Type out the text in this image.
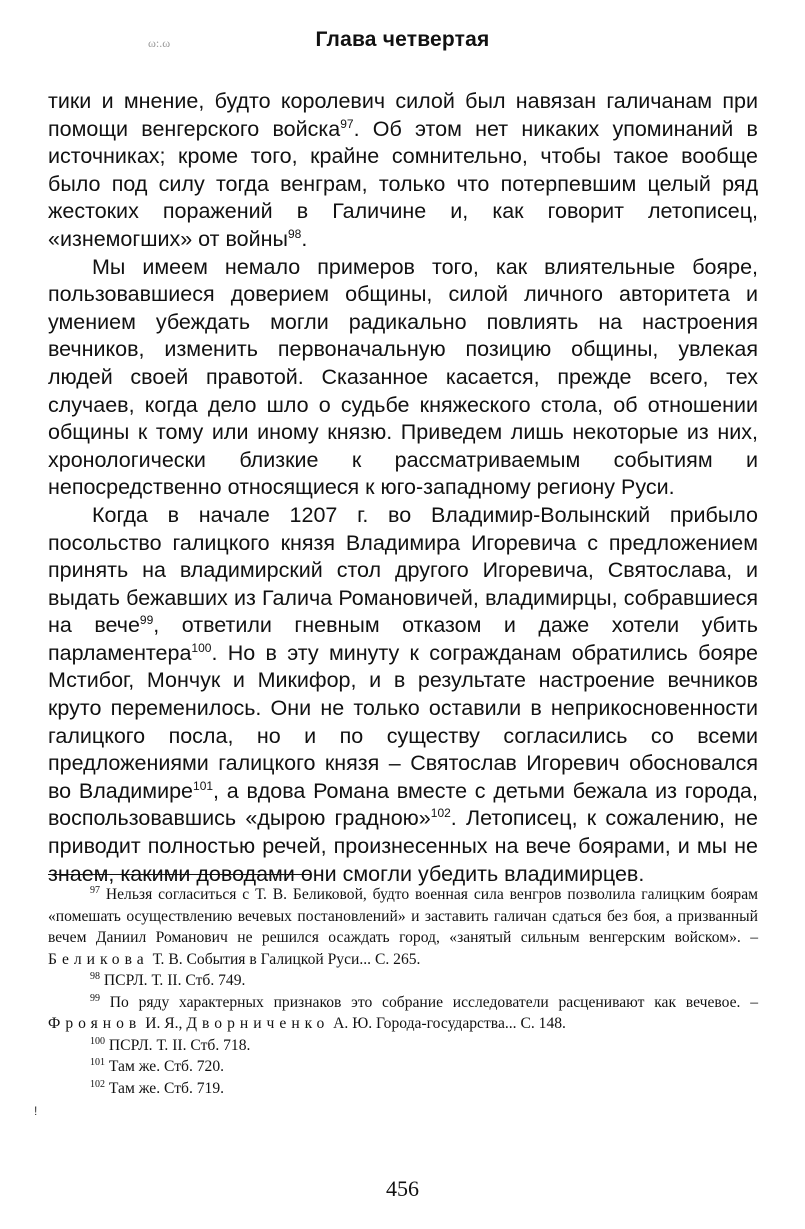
ω:.ω	Глава четвертая

тики и мнение, будто королевич силой был навязан галичанам при помощи венгерского войска$^{97}$. Об этом нет никаких упоминаний в источниках; кроме того, крайне сомнительно, чтобы такое вообще было под силу тогда венграм, только что потерпевшим целый ряд жестоких поражений в Галичине и, как говорит летописец, «изнемогших» от войны$^{98}$.

Мы имеем немало примеров того, как влиятельные бояре, пользовавшиеся доверием общины, силой личного авторитета и умением убеждать могли радикально повлиять на настроения вечников, изменить первоначальную позицию общины, увлекая людей своей правотой. Сказанное касается, прежде всего, тех случаев, когда дело шло о судьбе княжеского стола, об отношении общины к тому или иному князю. Приведем лишь некоторые из них, хронологически близкие к рассматриваемым событиям и непосредственно относящиеся к юго-западному региону Руси.

Когда в начале 1207 г. во Владимир-Волынский прибыло посольство галицкого князя Владимира Игоревича с предложением принять на владимирский стол другого Игоревича, Святослава, и выдать бежавших из Галича Романовичей, владимирцы, собравшиеся на вече$^{99}$, ответили гневным отказом и даже хотели убить парламентера$^{100}$. Но в эту минуту к согражданам обратились бояре Мстибог, Мончук и Микифор, и в результате настроение вечников круто переменилось. Они не только оставили в неприкосновенности галицкого посла, но и по существу согласились со всеми предложениями галицкого князя – Святослав Игоревич обосновался во Владимире$^{101}$, а вдова Романа вместе с детьми бежала из города, воспользовавшись «дырою градною»$^{102}$. Летописец, к сожалению, не приводит полностью речей, произнесенных на вече боярами, и мы не знаем, какими доводами они смогли убедить владимирцев.

$^{97}$ Нельзя согласиться с Т. В. Беликовой, будто военная сила венгров позволила галицким боярам «помешать осуществлению вечевых постановлений» и заставить галичан сдаться без боя, а призванный вечем Даниил Романович не решился осаждать город, «занятый сильным венгерским войском». – Беликова Т. В. События в Галицкой Руси... С. 265.

$^{98}$ ПСРЛ. Т. II. Стб. 749.

$^{99}$ По ряду характерных признаков это собрание исследователи расценивают как вечевое. – Фроянов И. Я., Дворниченко А. Ю. Города-государства... С. 148.

$^{100}$ ПСРЛ. Т. II. Стб. 718.

$^{101}$ Там же. Стб. 720.

$^{102}$ Там же. Стб. 719.

!
456
